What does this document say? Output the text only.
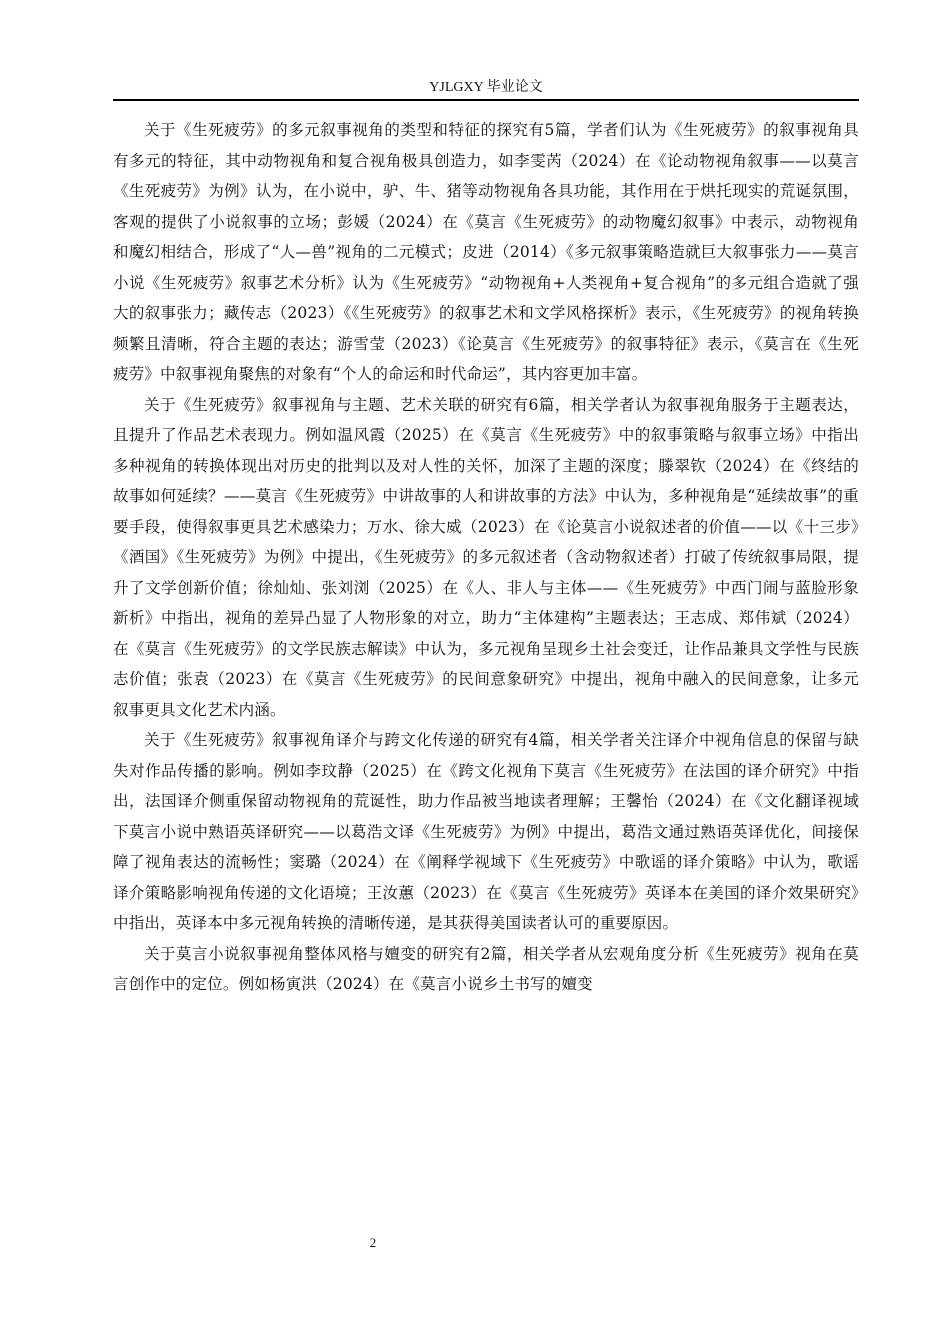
YJLGXY 毕业论文

关于《生死疲劳》的多元叙事视角的类型和特征的探究有5篇，学者们认为《生死疲劳》的叙事视角具有多元的特征，其中动物视角和复合视角极具创造力，如李雯芮（2024）在《论动物视角叙事——以莫言《生死疲劳》为例》认为，在小说中，驴、牛、猪等动物视角各具功能，其作用在于烘托现实的荒诞氛围，客观的提供了小说叙事的立场；彭媛（2024）在《莫言《生死疲劳》的动物魔幻叙事》中表示，动物视角和魔幻相结合，形成了“人—兽”视角的二元模式；皮进（2014）《多元叙事策略造就巨大叙事张力——莫言小说《生死疲劳》叙事艺术分析》认为《生死疲劳》“动物视角+人类视角+复合视角”的多元组合造就了强大的叙事张力；藏传志（2023）《《生死疲劳》的叙事艺术和文学风格探析》表示，《生死疲劳》的视角转换频繁且清晰，符合主题的表达；游雪莹（2023）《论莫言《生死疲劳》的叙事特征》表示，《莫言在《生死疲劳》中叙事视角聚焦的对象有“个人的命运和时代命运”，其内容更加丰富。

关于《生死疲劳》叙事视角与主题、艺术关联的研究有6篇，相关学者认为叙事视角服务于主题表达，且提升了作品艺术表现力。例如温风霞（2025）在《莫言《生死疲劳》中的叙事策略与叙事立场》中指出多种视角的转换体现出对历史的批判以及对人性的关怀，加深了主题的深度；滕翠钦（2024）在《终结的故事如何延续？——莫言《生死疲劳》中讲故事的人和讲故事的方法》中认为，多种视角是“延续故事”的重要手段，使得叙事更具艺术感染力；万水、徐大威（2023）在《论莫言小说叙述者的价值——以《十三步》《酒国》《生死疲劳》为例》中提出，《生死疲劳》的多元叙述者（含动物叙述者）打破了传统叙事局限，提升了文学创新价值；徐灿灿、张刘浏（2025）在《人、非人与主体——《生死疲劳》中西门闹与蓝脸形象新析》中指出，视角的差异凸显了人物形象的对立，助力“主体建构”主题表达；王志成、郑伟斌（2024）在《莫言《生死疲劳》的文学民族志解读》中认为，多元视角呈现乡土社会变迁，让作品兼具文学性与民族志价值；张袁（2023）在《莫言《生死疲劳》的民间意象研究》中提出，视角中融入的民间意象，让多元叙事更具文化艺术内涵。

关于《生死疲劳》叙事视角译介与跨文化传递的研究有4篇，相关学者关注译介中视角信息的保留与缺失对作品传播的影响。例如李玟静（2025）在《跨文化视角下莫言《生死疲劳》在法国的译介研究》中指出，法国译介侧重保留动物视角的荒诞性，助力作品被当地读者理解；王馨怡（2024）在《文化翻译视域下莫言小说中熟语英译研究——以葛浩文译《生死疲劳》为例》中提出，葛浩文通过熟语英译优化，间接保障了视角表达的流畅性；窦璐（2024）在《阐释学视域下《生死疲劳》中歌谣的译介策略》中认为，歌谣译介策略影响视角传递的文化语境；王汝蕙（2023）在《莫言《生死疲劳》英译本在美国的译介效果研究》中指出，英译本中多元视角转换的清晰传递，是其获得美国读者认可的重要原因。

关于莫言小说叙事视角整体风格与嬗变的研究有2篇，相关学者从宏观角度分析《生死疲劳》视角在莫言创作中的定位。例如杨寅洪（2024）在《莫言小说乡土书写的嬗变

2
